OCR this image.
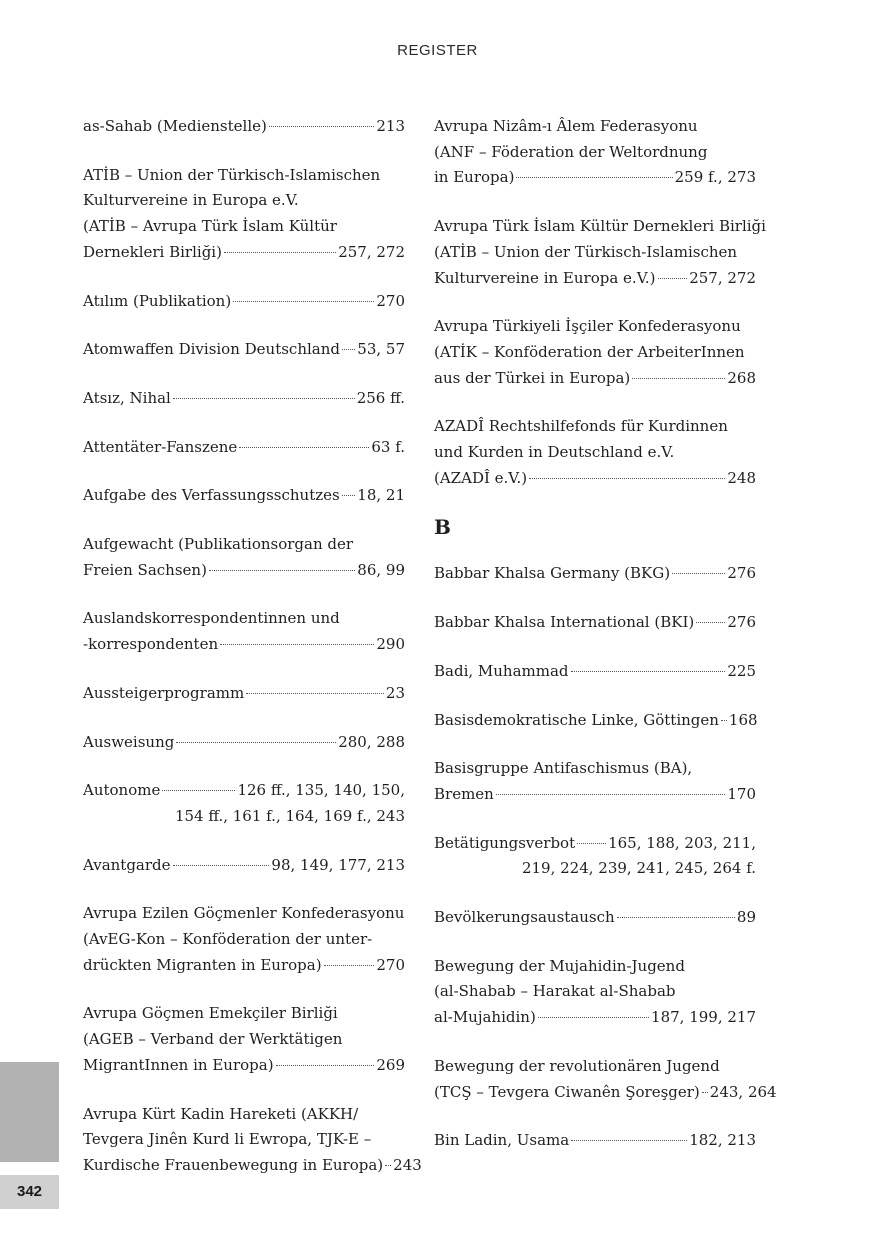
REGISTER
as-Sahab (Medienstelle)	213
ATİB – Union der Türkisch-Islamischen
Kulturvereine in Europa e.V.
(ATİB – Avrupa Türk İslam Kültür
Dernekleri Birliği)	257, 272
Atılım (Publikation)	270
Atomwaffen Division Deutschland 53, 57
Atsız, Nihal	256 ff.
Attentäter-Fanszene	63 f.
Aufgabe des Verfassungsschutzes 18, 21
Aufgewacht (Publikationsorgan der
Freien Sachsen)	86, 99
Auslandskorrespondentinnen und
-korrespondenten	290
Aussteigerprogramm	23
Ausweisung	280, 288
Autonome	126 ff., 135, 140, 150,
154 ff., 161 f., 164, 169 f., 243
Avantgarde	98, 149, 177, 213
Avrupa Ezilen Göçmenler Konfederasyonu
(AvEG-Kon – Konföderation der unter-
drückten Migranten in Europa)	270
Avrupa Göçmen Emekçiler Birliği
(AGEB – Verband der Werktätigen
MigrantInnen in Europa)	269
Avrupa Kürt Kadin Hareketi (AKKH/
Tevgera Jinên Kurd li Ewropa, TJK-E –
Kurdische Frauenbewegung in Europa) 243
Avrupa Nizâm-ı Âlem Federasyonu
(ANF – Föderation der Weltordnung
in Europa)	259 f., 273
Avrupa Türk İslam Kültür Dernekleri Birliği
(ATİB – Union der Türkisch-Islamischen
Kulturvereine in Europa e.V.) 257, 272
Avrupa Türkiyeli İşçiler Konfederasyonu
(ATİK – Konföderation der ArbeiterInnen
aus der Türkei in Europa)	268
AZADÎ Rechtshilfefonds für Kurdinnen
und Kurden in Deutschland e.V.
(AZADÎ e.V.)	248
B
Babbar Khalsa Germany (BKG)	276
Babbar Khalsa International (BKI) 276
Badi, Muhammad	225
Basisdemokratische Linke, Göttingen 168
Basisgruppe Antifaschismus (BA),
Bremen	170
Betätigungsverbot 165, 188, 203, 211,
219, 224, 239, 241, 245, 264 f.
Bevölkerungsaustausch	89
Bewegung der Mujahidin-Jugend
(al-Shabab – Harakat al-Shabab
al-Mujahidin)	187, 199, 217
Bewegung der revolutionären Jugend
(TCŞ – Tevgera Ciwanên Şoreşger) 243, 264
Bin Ladin, Usama	182, 213
342
